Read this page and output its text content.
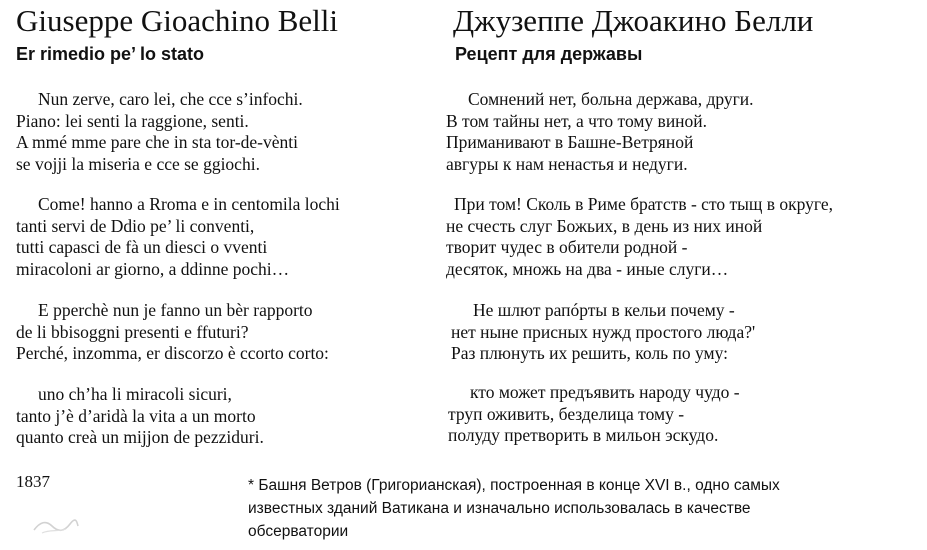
Giuseppe Gioachino Belli	Джузеппе Джоакино Белли
Er rimedio pe’ lo stato	Рецепт для державы
Nun zerve, caro lei, che cce s’infochi.
Piano: lei senti la raggione, senti.
A mmé mme pare che in sta tor-de-vènti
se vojji la miseria e cce se ggiochi.
Come! hanno a Rroma e in centomila lochi
tanti servi de Ddio pe’ li conventi,
tutti capasci de fà un diesci o vventi
miracoloni ar giorno, a ddinne pochi…
E pperchè nun je fanno un bèr rapporto
de li bbisoggni presenti e ffuturi?
Perché, inzomma, er discorzo è ccorto corto:
uno ch’ha li miracoli sicuri,
tanto j’è d’aridà la vita a un morto
quanto creà un mijjon de pezziduri.
Сомнений нет, больна держава, други.
В том тайны нет, а что тому виной.
Приманивают в Башне-Ветряной
авгуры к нам ненастья и недуги.
При том! Сколь в Риме братств - сто тыщ в округе,
не счесть слуг Божьих, в день из них иной
творит чудес в обители родной -
десяток, множь на два - иные слуги…
Не шлют рапóрты в кельи почему -
нет ныне присных нужд простого люда?'
Раз плюнуть их решить, коль по уму:
кто может предъявить народу чудо -
труп оживить, безделица тому -
полуду претворить в мильон эскудо.
1837	* Башня Ветров (Григорианская), построенная в конце XVI в., одно самых
известных зданий Ватикана и изначально использовалась в качестве
обсерватории
